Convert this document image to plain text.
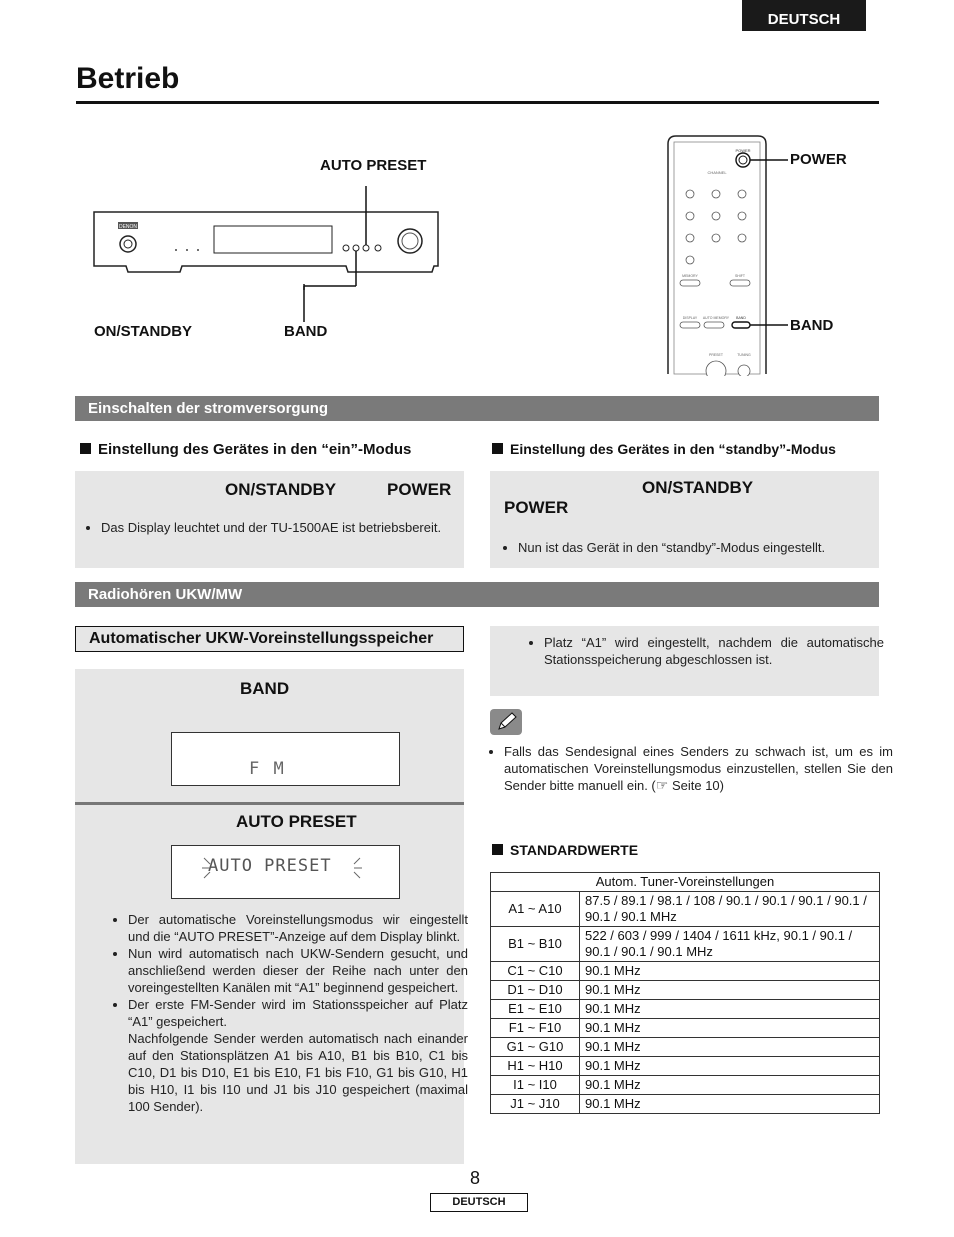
DEUTSCH
Betrieb
DENON
AUTO PRESET
ON/STANDBY	BAND
POWER
CHANNEL
MEMORY	SHIFT
DISPLAY AUTO MEMORY BAND
PRESET	TUNING
POWER
BAND
Einschalten der stromversorgung
Einstellung des Gerätes in den “ein”-Modus	Einstellung des Gerätes in den “standby”-Modus
ON/STANDBY	POWER
• Das Display leuchtet und der TU-1500AE ist betriebsbereit.
ON/STANDBY
POWER
• Nun ist das Gerät in den “standby”-Modus eingestellt.
Radiohören UKW/MW
Automatischer UKW-Voreinstellungsspeicher
BAND
F M
AUTO PRESET
AUTO PRESET
• Der automatische Voreinstellungsmodus wir eingestellt und die “AUTO PRESET”-Anzeige auf dem Display blinkt.
• Nun wird automatisch nach UKW-Sendern gesucht, und anschließend werden dieser der Reihe nach unter den voreingestellten Kanälen mit “A1” beginnend gespeichert.
• Der erste FM-Sender wird im Stationsspeicher auf Platz “A1” gespeichert.
Nachfolgende Sender werden automatisch nach einander auf den Stationsplätzen A1 bis A10, B1 bis B10, C1 bis C10, D1 bis D10, E1 bis E10, F1 bis F10, G1 bis G10, H1 bis H10, I1 bis I10 und J1 bis J10 gespeichert (maximal 100 Sender).
• Platz “A1” wird eingestellt, nachdem die automatische Stationsspeicherung abgeschlossen ist.
• Falls das Sendesignal eines Senders zu schwach ist, um es im automatischen Voreinstellungsmodus einzustellen, stellen Sie den Sender bitte manuell ein. (☞ Seite 10)
STANDARDWERTE
Autom. Tuner-Voreinstellungen	
A1 ~ A10	87.5 / 89.1 / 98.1 / 108 / 90.1 / 90.1 / 90.1 / 90.1 / 90.1 / 90.1 MHz
B1 ~ B10	522 / 603 / 999 / 1404 / 1611 kHz, 90.1 / 90.1 / 90.1 / 90.1 / 90.1 MHz
C1 ~ C10	90.1 MHz
D1 ~ D10	90.1 MHz
E1 ~ E10	90.1 MHz
F1 ~ F10	90.1 MHz
G1 ~ G10	90.1 MHz
H1 ~ H10	90.1 MHz
I1 ~ I10	90.1 MHz
J1 ~ J10	90.1 MHz
8
DEUTSCH
